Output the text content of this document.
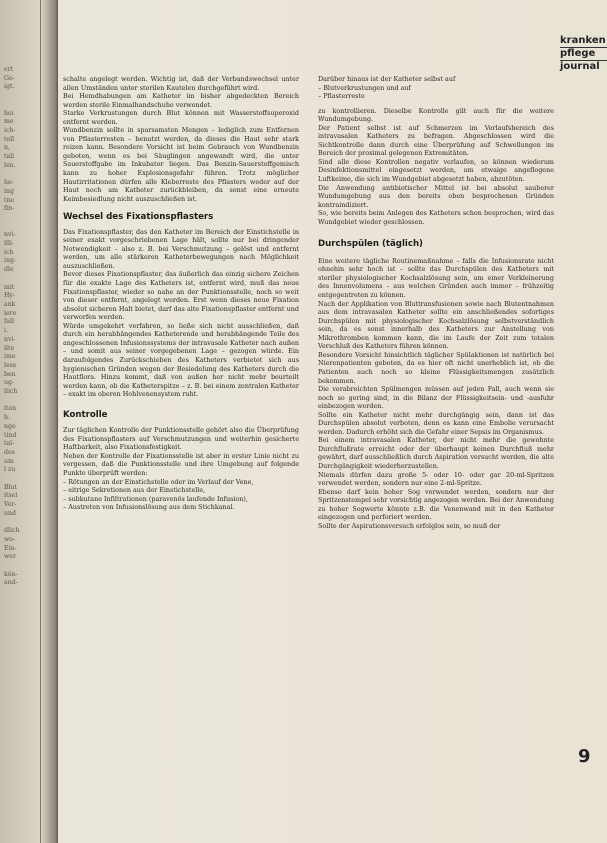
ert
Ge-
igt.

hei
me
ich-
tell
n,
tali
len.

he-
ing
tne
fin-

nvi-
illi-
ich
ing-
dle

mit
Hy-
ank
lere
fall
i.
nvi-
ilte
ime
lese
ben
ug-
llich

iten
h.
nge
tind
tal-
des
um
l zu

Blut
itsel
Ver-
und

dlich
wo-
Ein-
wer

kön-
and-
kranken
pflege
journal

schalte angelegt werden. Wichtig ist, daß der Verbandswechsel unter allen Umständen unter sterilen Kautelen durchgeführt wird.

Bei Hemdhabungen am Katheter im bisher abgedeckten Bereich werden sterile Einmalhandschuhe verwendet.

Starke Verkrustungen durch Blut können mit Wasserstoffsuperoxid entfernt werden.

Wundbenzin sollte in sparsamsten Mengen – lediglich zum Entfernen von Pflasterresten – benutzt werden, da dieses die Haut sehr stark reizen kann. Besondere Vorsicht ist beim Gebrauch von Wundbenzin geboten, wenn es bei Säuglingen angewandt wird, die unter Sauerstoffgabe im Inkubator liegen. Das Benzin-Sauerstoffgemisch kann zu hoher Explosionsgefahr führen. Trotz möglicher Hautirritationen dürfen alle Kleberreste des Pflasters weder auf der Haut noch am Katheter zurückbleiben, da sonst eine erneute Keimbesiedlung nicht auszuschließen ist.

Wechsel des Fixationspflasters

Das Fixationspflaster, das den Katheter im Bereich der Einstichstelle in seiner exakt vorgeschriebenen Lage hält, sollte nur bei dringender Notwendigkeit – also z. B. bei Verschmutzung – gelöst und entfernt werden, um alle stärkeren Katheterbewegungen nach Möglichkeit auszuschließen.

Bevor dieses Fixationspflaster, das äußerlich das einzig sichere Zeichen für die exakte Lage des Katheters ist, entfernt wird, muß das neue Fixationspflaster, wieder so nahe an der Punktionsstelle, noch so weit von dieser entfernt, angelegt werden. Erst wenn dieses neue Fixation absolut sicheren Halt bietet, darf das alte Fixationspflaster entfernt und verworfen werden.

Würde umgekehrt verfahren, so ließe sich nicht ausschließen, daß durch ein herabhängendes Katheterende und herabhängende Teile des angeschlossenen Infusionssystems der intravasale Katheter nach außen – und somit aus seiner vorgegebenen Lage – gezogen würde. Ein daraufolgendes Zurückschieben des Katheters verbietet sich aus hygienischen Gründen wegen der Besiedelung des Katheters durch die Hautflora. Hinzu kommt, daß von außen her nicht mehr beurteilt werden kann, ob die Katheterspitze – z. B. bei einem zentralen Katheter – exakt im oberen Hohlvenensystem ruht.

Kontrolle

Zur täglichen Kontrolle der Punktionsstelle gehört also die Überprüfung des Fixationspflasters auf Verschmutzungen und weiterhin gesicherte Haftbarkeit, also Fixationsfestigkeit.

Neben der Kontrolle der Fixationsstelle ist aber in erster Linie nicht zu vergessen, daß die Punktionsstelle und ihre Umgebung auf folgende Punkte überprüft werden:

– Rötungen an der Einstichstelle oder im Verlauf der Vene,
– eitrige Sekretionen aus der Einstichstelle,
– subkutane Infiltrationen (paravenös laufende Infusion),
– Austreten von Infusionslösung aus dem Stichkanal.

Darüber hinaus ist der Katheter selbst auf

– Blutverkrustungen und auf
– Pflasterreste

zu kontrollieren. Dieselbe Kontrolle gilt auch für die weitere Wundumgebung.

Der Patient selbst ist auf Schmerzen im Verlaufsbereich des intravasalen Katheters zu befragen. Abgeschlossen wird die Sichtkontrolle dann durch eine Überprüfung auf Schwellungen im Bereich der proximal gelegenen Extremitäten.

Sind alle diese Kontrollen negativ verlaufen, so können wiederum Desinfektionsmittel eingesetzt werden, um etwaige angeflogene Luftkeime, die sich im Wundgebiet abgesetzt haben, abzutöten.

Die Anwendung antibiotischer Mittel ist bei absolut sauberer Wundumgebung aus den bereits oben besprochenen Gründen kontraindiziert.

So, wie bereits beim Anlegen des Katheters schon besprochen, wird das Wundgebiet wieder geschlossen.

Durchspülen (täglich)

Eine weitere tägliche Routinemaßnahme – falls die Infusionsrate nicht ohnehin sehr hoch ist – sollte das Durchspülen des Katheters mit steriler physiologischer Kochsalzlösung sein, um einer Verkleinerung des Innenvolumens – aus welchen Gründen auch immer – frühzeitig entgegentreten zu können.

Nach der Applikation von Bluttransfusionen sowie nach Blutentnahmen aus dem intravasalen Katheter sollte ein anschließendes sofortiges Durchspülen mit physiologischer Kochsalzlösung selbstverständlich sein, da es sonst innerhalb des Katheters zur Anstellung von Mikrothromben kommen kann, die im Laufe der Zeit zum totalen Verschluß des Katheters führen können.

Besondere Vorsicht hinsichtlich täglicher Spülaktionen ist natürlich bei Nierenpatienten geboten, da es hier oft nicht unerheblich ist, ob die Patienten auch noch so kleine Flüssigkeitsmengen zusätzlich bekommen.

Die verabreichten Spülmengen müssen auf jeden Fall, auch wenn sie noch so gering sind, in die Bilanz der Flüssigkeitsein- und -ausfuhr einbezogen werden.

Sollte ein Katheter nicht mehr durchgängig sein, dann ist das Durchspülen absolut verboten, denn es kann eine Embolie verursacht werden. Dadurch erhöht sich die Gefahr einer Sepsis im Organismus.

Bei einem intravasalen Katheter, der nicht mehr die gewohnte Durchflußrate erreicht oder der überhaupt keinen Durchfluß mehr gewährt, darf ausschließlich durch Aspiration versucht werden, die alte Durchgängigkeit wiederherzustellen.

Niemals dürfen dazu große 5- oder 10- oder gar 20-ml-Spritzen verwendet werden, sondern nur eine 2-ml-Spritze.

Ebenso darf kein hoher Sog verwendet werden, sondern nur der Spritzenstempel sehr vorsichtig angezogen werden. Bei der Anwendung zu hoher Sogwerte könnte z.B. die Venenwand mit in den Katheter eingezogen und perforiert werden.

Sollte der Aspirationsversuch erfolglos sein, so muß der

9
